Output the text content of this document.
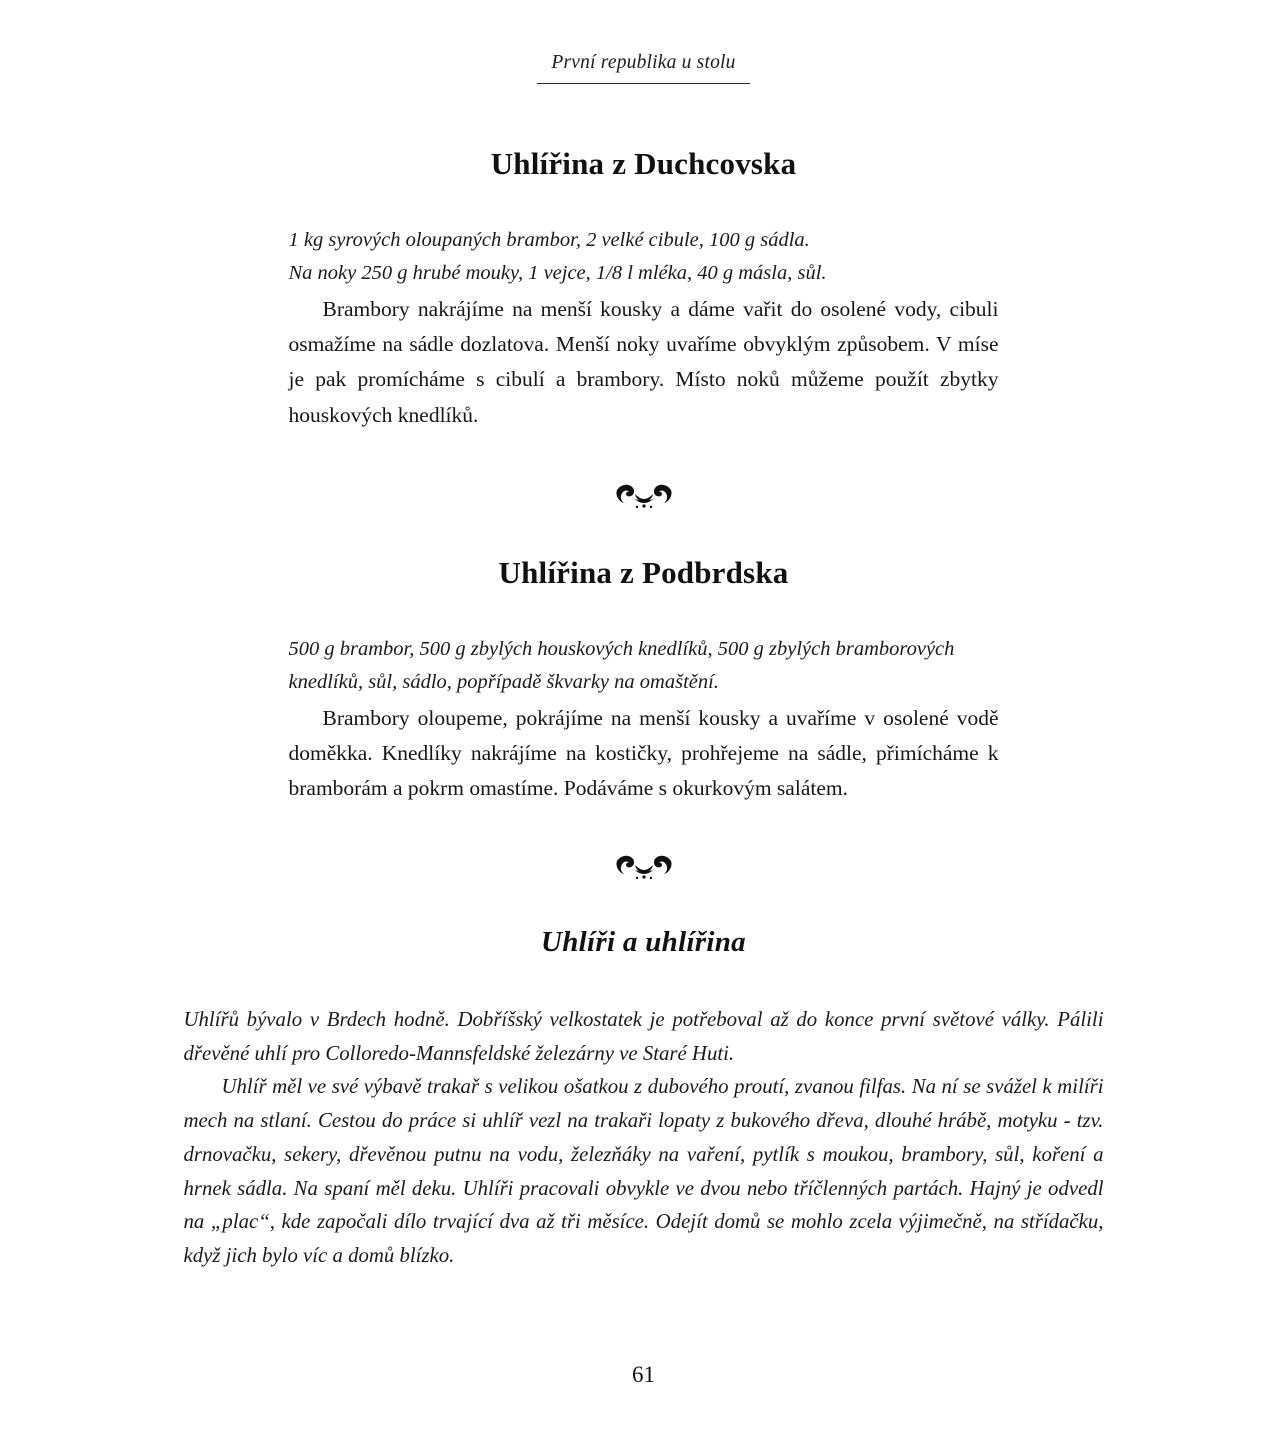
První republika u stolu
Uhlířina z Duchcovska
1 kg syrových oloupaných brambor, 2 velké cibule, 100 g sádla.
Na noky 250 g hrubé mouky, 1 vejce, 1/8 l mléka, 40 g másla, sůl.
Brambory nakrájíme na menší kousky a dáme vařit do osolené vody, cibuli osmažíme na sádle dozlatova. Menší noky uvaříme obvyklým způsobem. V míse je pak promícháme s cibulí a brambory. Místo noků můžeme použít zbytky houskových knedlíků.
Uhlířina z Podbrdska
500 g brambor, 500 g zbylých houskových knedlíků, 500 g zbylých bramborových knedlíků, sůl, sádlo, popřípadě škvarky na omaštění.
Brambory oloupeme, pokrájíme na menší kousky a uvaříme v osolené vodě doměkka. Knedlíky nakrájíme na kostičky, prohřejeme na sádle, přimícháme k bramborám a pokrm omastíme. Podáváme s okurkovým salátem.
Uhlíři a uhlířina

Uhlířů bývalo v Brdech hodně. Dobříšský velkostatek je potřeboval až do konce první světové války. Pálili dřevěné uhlí pro Colloredo-Mannsfeldské železárny ve Staré Huti.

Uhlíř měl ve své výbavě trakař s velikou ošatkou z dubového proutí, zvanou filfas. Na ní se svážel k milíři mech na stlaní. Cestou do práce si uhlíř vezl na trakaři lopaty z bukového dřeva, dlouhé hrábě, motyku - tzv. drnovačku, sekery, dřevěnou putnu na vodu, železňáky na vaření, pytlík s moukou, brambory, sůl, koření a hrnek sádla. Na spaní měl deku. Uhlíři pracovali obvykle ve dvou nebo tříčlenných partách. Hajný je odvedl na „plac“, kde započali dílo trvající dva až tři měsíce. Odejít domů se mohlo zcela výjimečně, na střídačku, když jich bylo víc a domů blízko.

61
